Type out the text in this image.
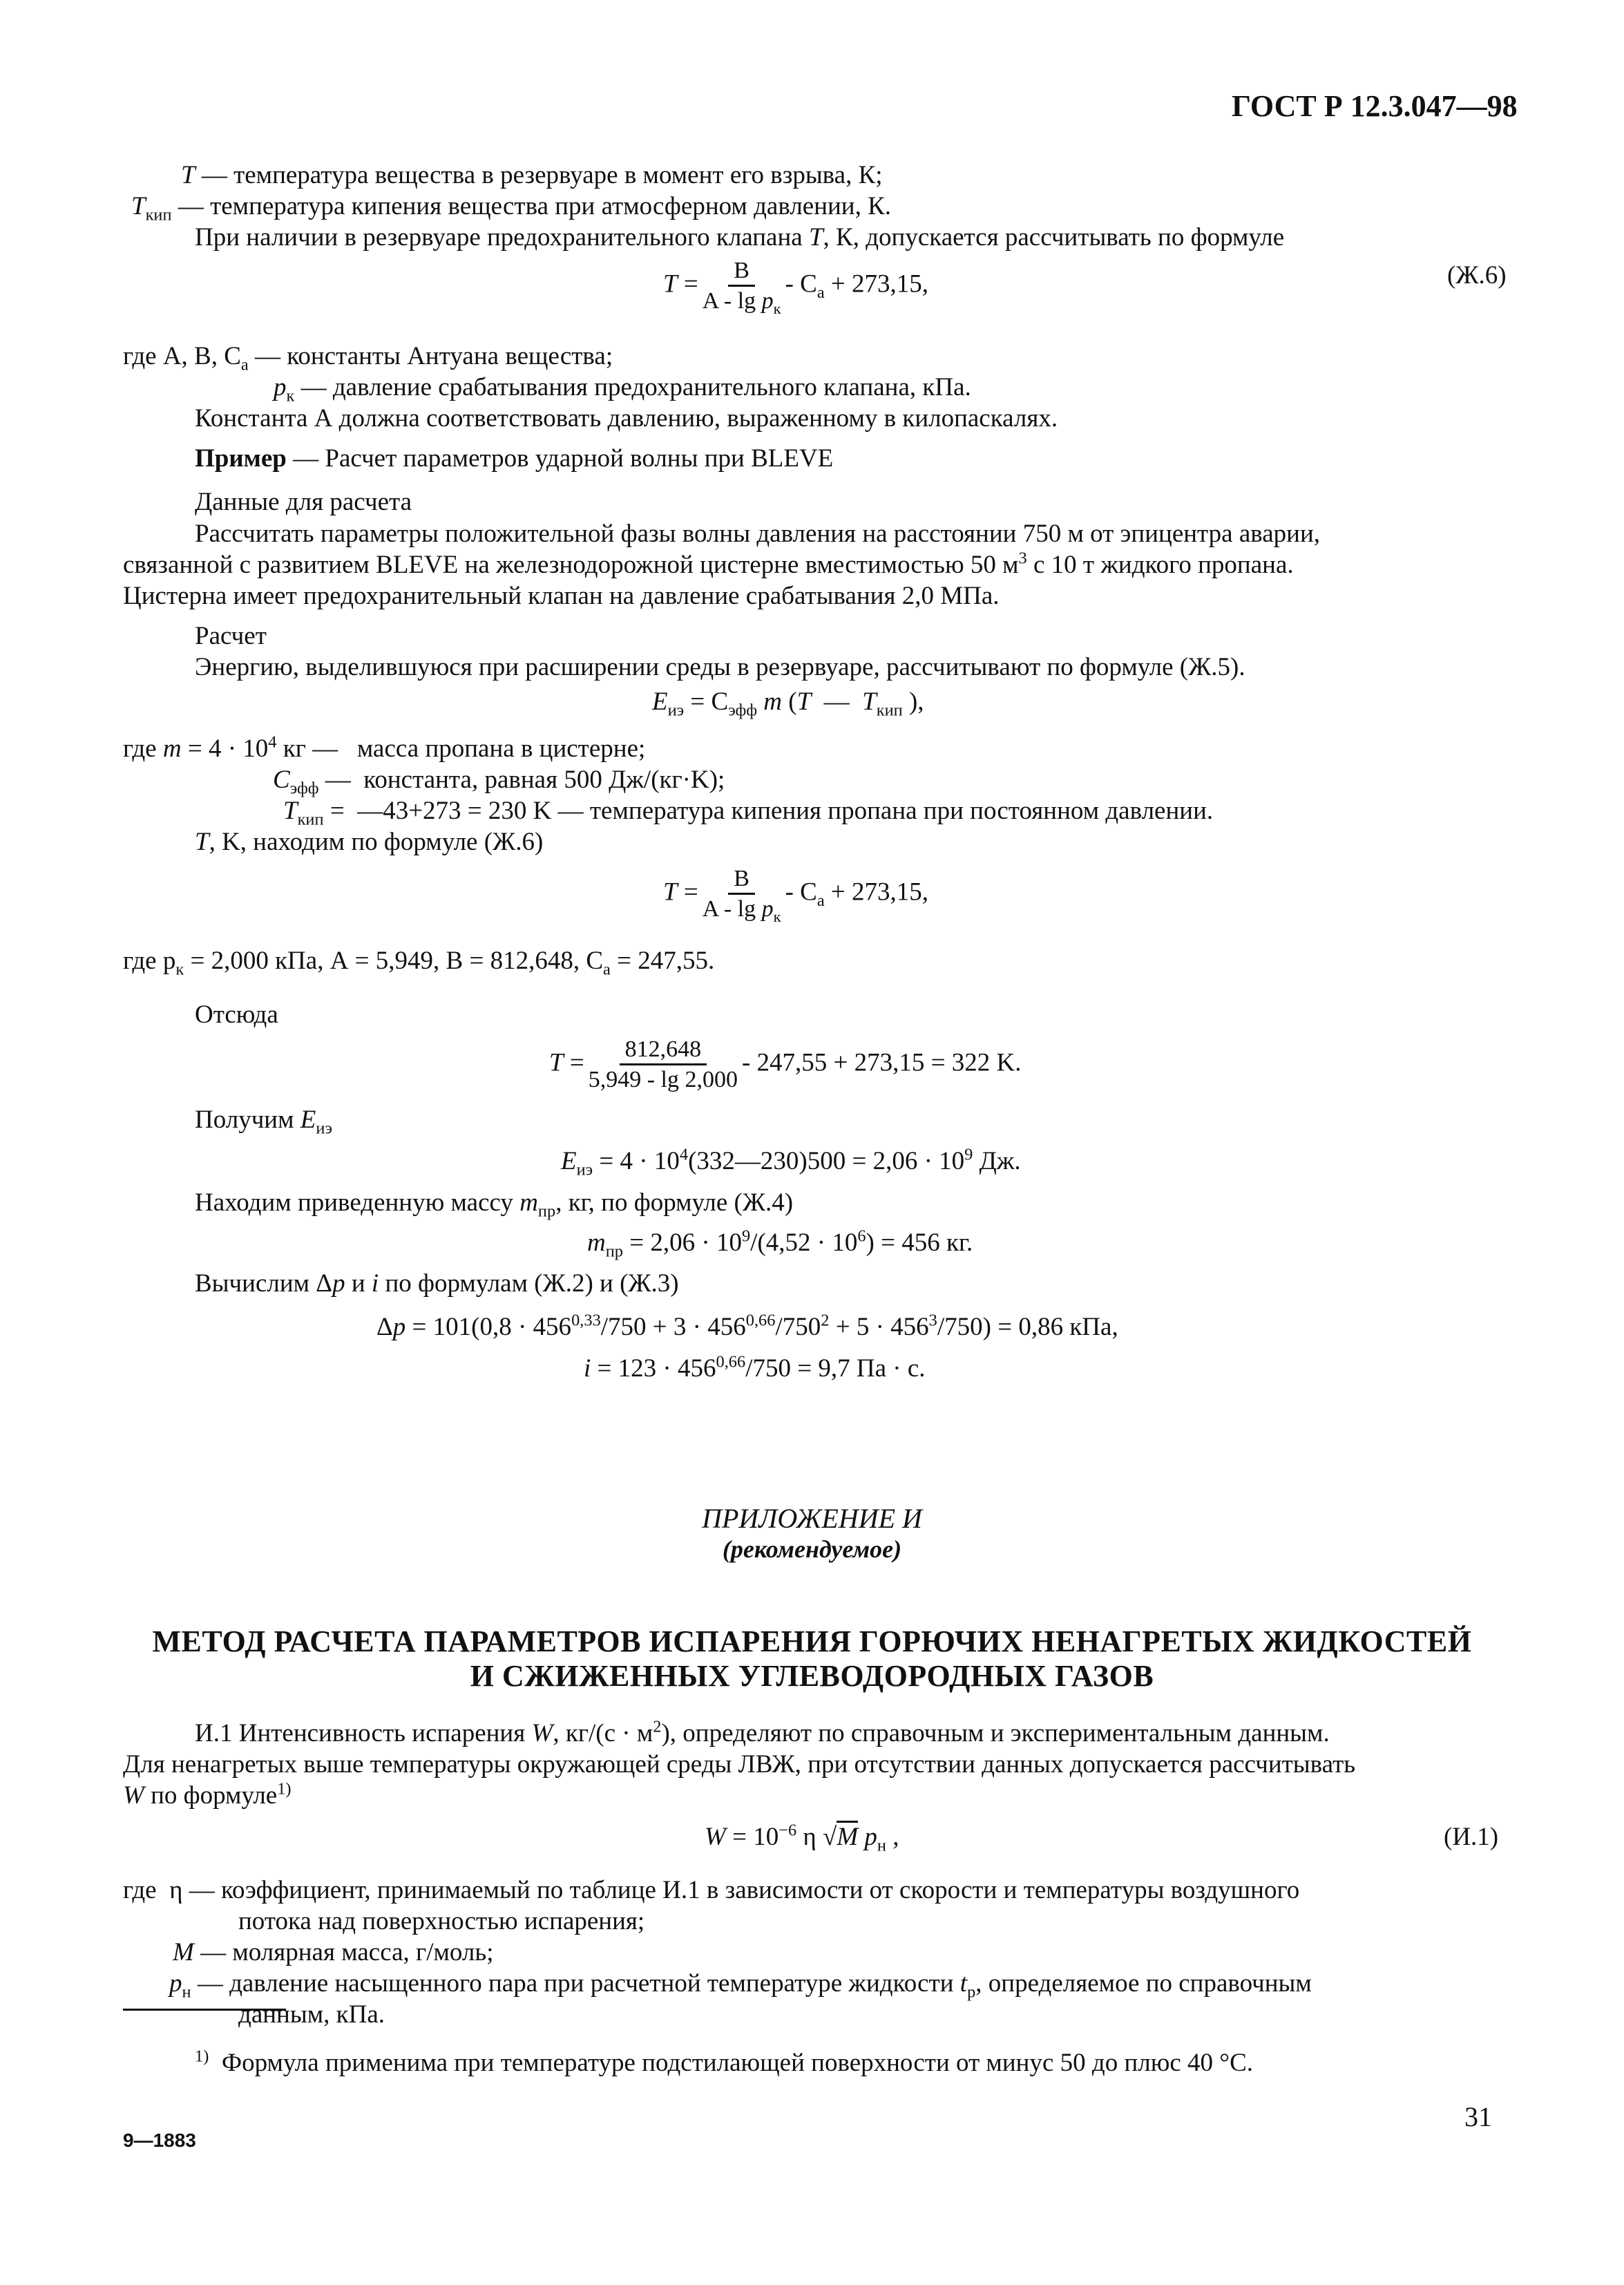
ГОСТ Р 12.3.047—98
T — температура вещества в резервуаре в момент его взрыва, К;
$T_{кип}$ — температура кипения вещества при атмосферном давлении, К.
При наличии в резервуаре предохранительного клапана T, К, допускается рассчитывать по формуле
$T = \frac{B}{A - \lg p_к} - C_a + 273,15$,	(Ж.6)
где А, В, $C_a$ — константы Антуана вещества;
$p_к$ — давление срабатывания предохранительного клапана, кПа.
Константа А должна соответствовать давлению, выраженному в килопаскалях.
Пример — Расчет параметров ударной волны при BLEVE
Данные для расчета
Рассчитать параметры положительной фазы волны давления на расстоянии 750 м от эпицентра аварии,
связанной с развитием BLEVE на железнодорожной цистерне вместимостью 50 $м^3$ с 10 т жидкого пропана.
Цистерна имеет предохранительный клапан на давление срабатывания 2,0 МПа.
Расчет
Энергию, выделившуюся при расширении среды в резервуаре, рассчитывают по формуле (Ж.5).
$E_{иэ} = C_{эфф}$ m (T  —  $T_{кип}$ ),
где $m = 4 \cdot 10^4$ кг — масса пропана в цистерне;
$C_{эфф}$ —  константа, равная 500 Дж/(кг·K);
$T_{кип}$ =  —43+273 = 230 K — температура кипения пропана при постоянном давлении.
T, K, находим по формуле (Ж.6)
$T = \frac{B}{A - \lg p_к} - C_a + 273,15$,
где $p_к = 2,000$ кПа, А = 5,949, B = 812,648, $C_a = 247,55$.
Отсюда
$T = \frac{812,648}{5,949 - \lg 2,000} - 247,55 + 273,15 = 322$ K.
Получим $E_{иэ}$
$E_{иэ} = 4$ · $10^4(332—230)500 = 2,06 \cdot 10^9$ Дж.
Находим приведенную массу $m_{пр}$, кг, по формуле (Ж.4)
$m_{пр} = 2,06 \cdot 10^9/(4,52 \cdot 10^6) = 456$ кг.
Вычислим Δp и i по формулам (Ж.2) и (Ж.3)
$\Delta p = 101(0,8 \cdot 456^{0,33}/750 + 3 \cdot 456^{0,66}/750^2 + 5 \cdot 456^3/750) = 0,86$ кПа,
$i = 123 \cdot 456^{0,66}/750 = 9,7$ Па · с.
ПРИЛОЖЕНИЕ И
(рекомендуемое)
МЕТОД РАСЧЕТА ПАРАМЕТРОВ ИСПАРЕНИЯ ГОРЮЧИХ НЕНАГРЕТЫХ ЖИДКОСТЕЙ
И СЖИЖЕННЫХ УГЛЕВОДОРОДНЫХ ГАЗОВ
И.1 Интенсивность испарения W, $кг/(с \cdot м^2)$, определяют по справочным и экспериментальным данным.
Для ненагретых выше температуры окружающей среды ЛВЖ, при отсутствии данных допускается рассчитывать
W по формуле$^{1)}$
$W = 10^{-6}$ η √M $p_н$ ,	(И.1)
где  η — коэффициент, принимаемый по таблице И.1 в зависимости от скорости и температуры воздушного
потока над поверхностью испарения;
M — молярная масса, г/моль;
$p_н$ — давление насыщенного пара при расчетной температуре жидкости $t_р$, определяемое по справочным
данным, кПа.
$^{1)}$ Формула применима при температуре подстилающей поверхности от минус 50 до плюс 40 °С.
31
9—1883
